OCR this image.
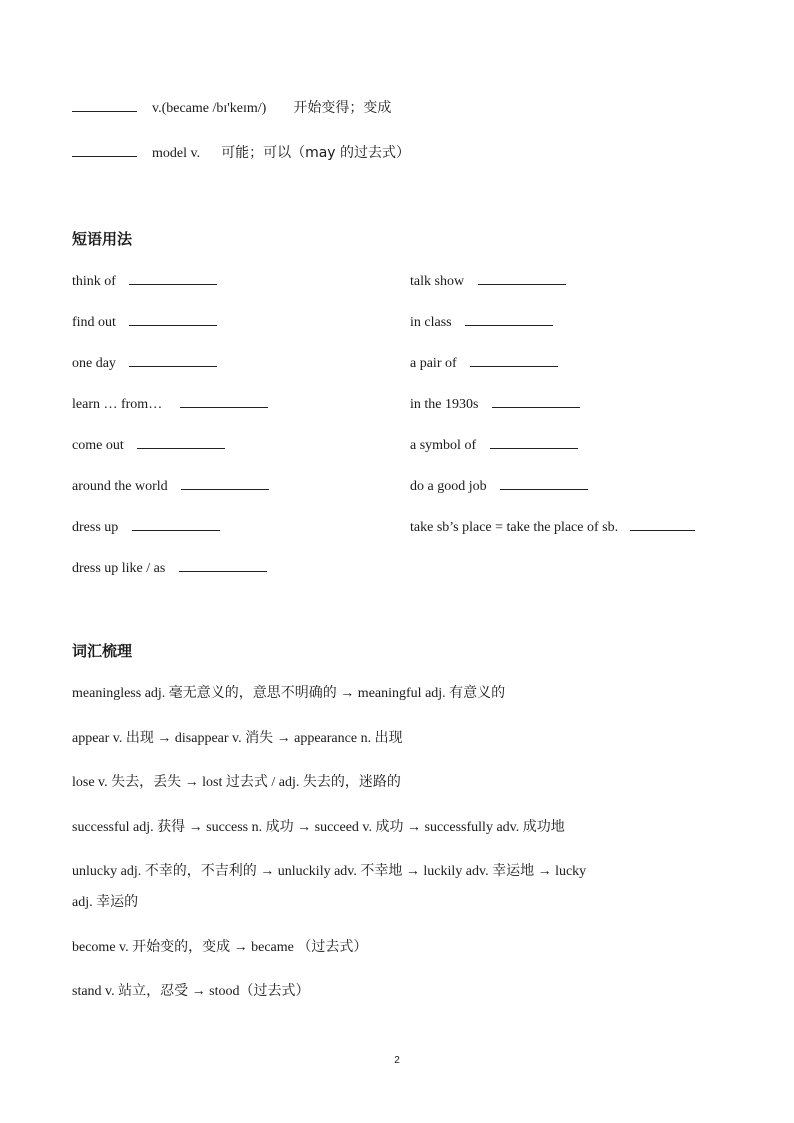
v.(became /bɪ'keɪm/) 开始变得；变成
model v. 可能；可以（may 的过去式）
短语用法
think of
find out
one day
learn … from…
come out
around the world
dress up
dress up like / as
talk show
in class
a pair of
in the 1930s
a symbol of
do a good job
take sb’s place = take the place of sb.
词汇梳理
meaningless adj. 毫无意义的，意思不明确的 → meaningful adj. 有意义的
appear v. 出现 → disappear v. 消失 → appearance n. 出现
lose v. 失去，丢失 → lost 过去式 / adj. 失去的，迷路的
successful adj. 获得 → success n. 成功 → succeed v. 成功 → successfully adv. 成功地
unlucky adj. 不幸的，不吉利的 → unluckily adv. 不幸地 → luckily adv. 幸运地 → lucky
adj. 幸运的
become v. 开始变的，变成 → became （过去式）
stand v. 站立，忍受 → stood（过去式）
2
